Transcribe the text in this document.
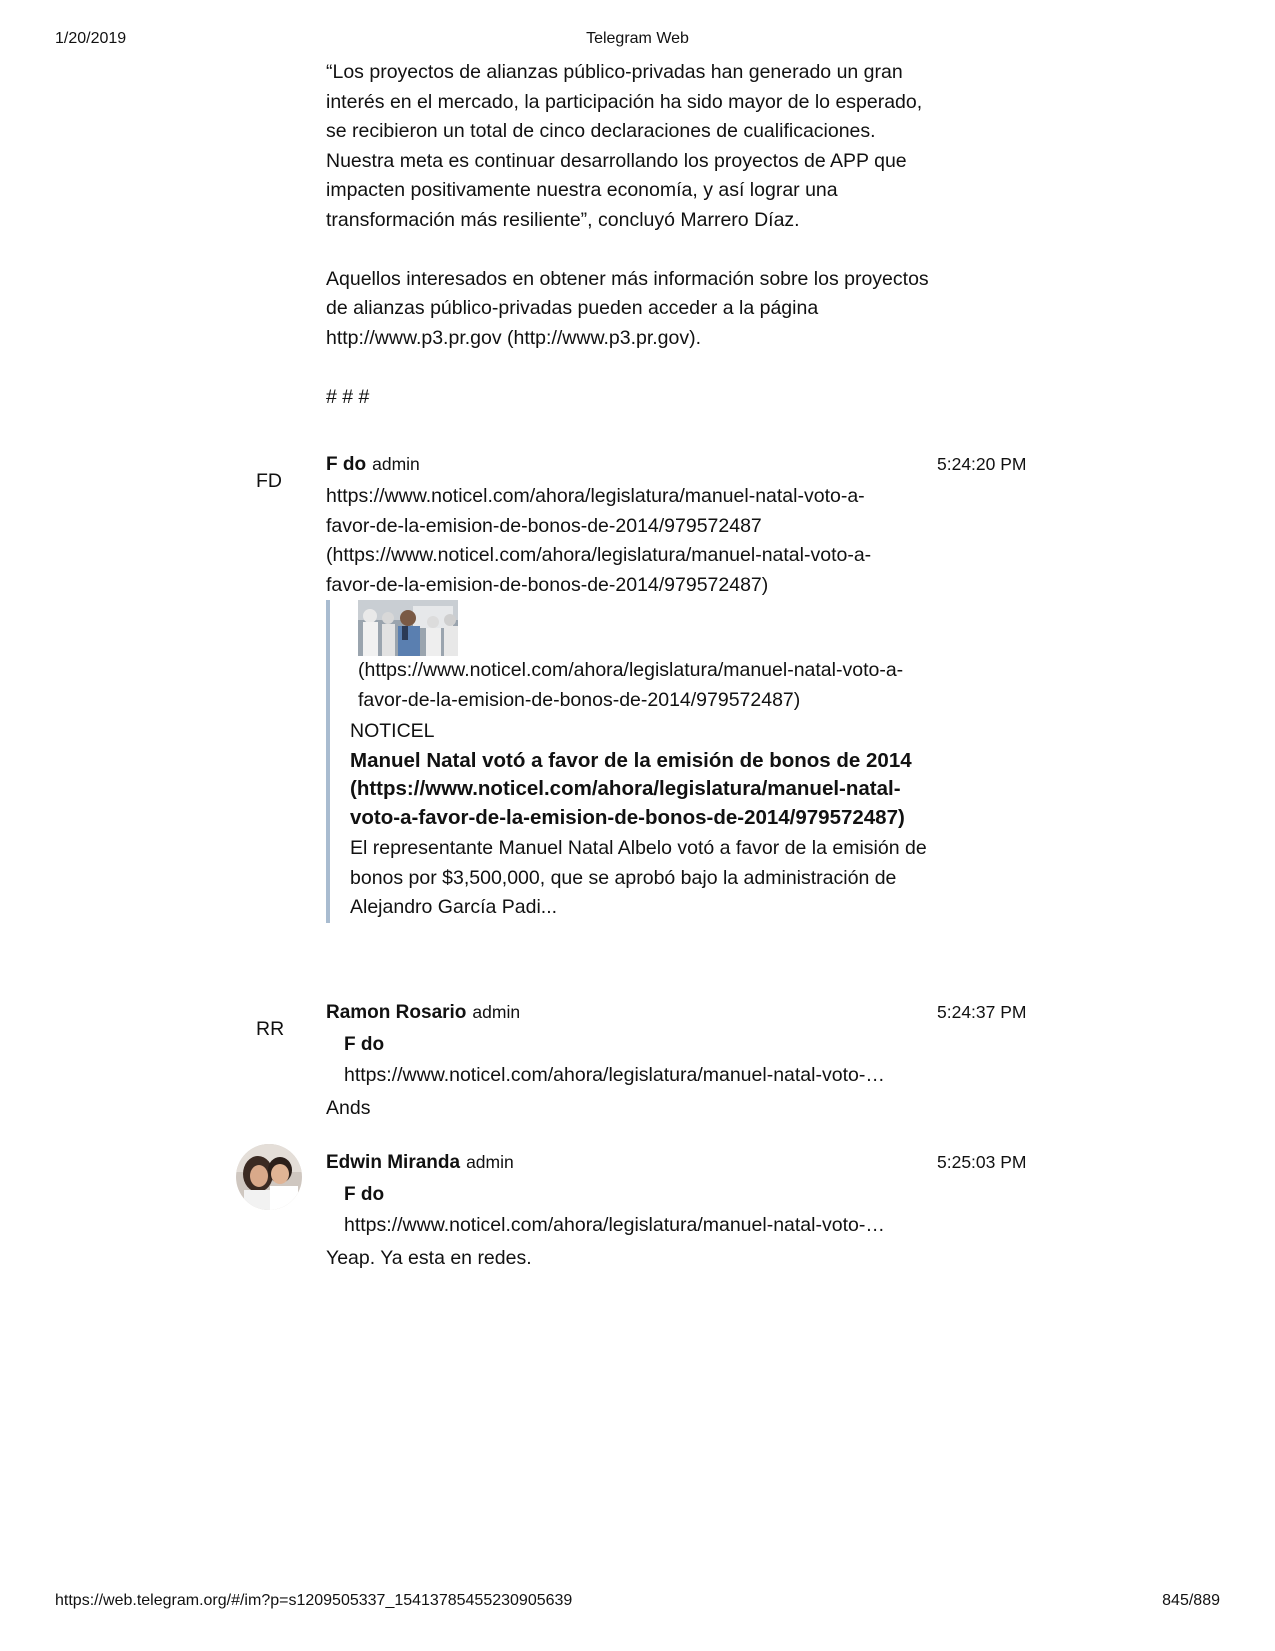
1/20/2019	Telegram Web

“Los proyectos de alianzas público-privadas han generado un gran interés en el mercado, la participación ha sido mayor de lo esperado, se recibieron un total de cinco declaraciones de cualificaciones. Nuestra meta es continuar desarrollando los proyectos de APP que impacten positivamente nuestra economía, y así lograr una transformación más resiliente”, concluyó Marrero Díaz.

Aquellos interesados en obtener más información sobre los proyectos de alianzas público-privadas pueden acceder a la página http://www.p3.pr.gov (http://www.p3.pr.gov).

# # #

FD
F do admin	5:24:20 PM
https://www.noticel.com/ahora/legislatura/manuel-natal-voto-a-favor-de-la-emision-de-bonos-de-2014/979572487 (https://www.noticel.com/ahora/legislatura/manuel-natal-voto-a-favor-de-la-emision-de-bonos-de-2014/979572487)
(https://www.noticel.com/ahora/legislatura/manuel-natal-voto-a-favor-de-la-emision-de-bonos-de-2014/979572487)
NOTICEL
Manuel Natal votó a favor de la emisión de bonos de 2014 (https://www.noticel.com/ahora/legislatura/manuel-natal-voto-a-favor-de-la-emision-de-bonos-de-2014/979572487)
El representante Manuel Natal Albelo votó a favor de la emisión de bonos por $3,500,000, que se aprobó bajo la administración de Alejandro García Padi...
RR
Ramon Rosario admin	5:24:37 PM
F do
https://www.noticel.com/ahora/legislatura/manuel-natal-voto-…
Ands
Edwin Miranda admin	5:25:03 PM
F do
https://www.noticel.com/ahora/legislatura/manuel-natal-voto-…
Yeap. Ya esta en redes.
https://web.telegram.org/#/im?p=s1209505337_15413785455230905639	845/889
